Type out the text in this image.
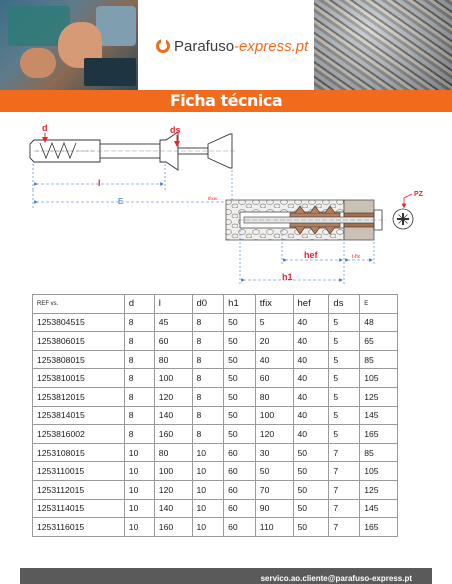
Parafuso -express.pt
Ficha técnica
d	ds
l
E	tfixer
PZ
hef	t-fix
h1
REF vs.	d	l	d0	h1	tfix	hef	ds	E
1253804515	8	45	8	50	5	40	5	48
1253806015	8	60	8	50	20	40	5	65
1253808015	8	80	8	50	40	40	5	85
1253810015	8	100	8	50	60	40	5	105
1253812015	8	120	8	50	80	40	5	125
1253814015	8	140	8	50	100	40	5	145
1253816002	8	160	8	50	120	40	5	165
1253108015	10	80	10	60	30	50	7	85
1253110015	10	100	10	60	50	50	7	105
1253112015	10	120	10	60	70	50	7	125
1253114015	10	140	10	60	90	50	7	145
1253116015	10	160	10	60	110	50	7	165
servico.ao.cliente@parafuso-express.pt
